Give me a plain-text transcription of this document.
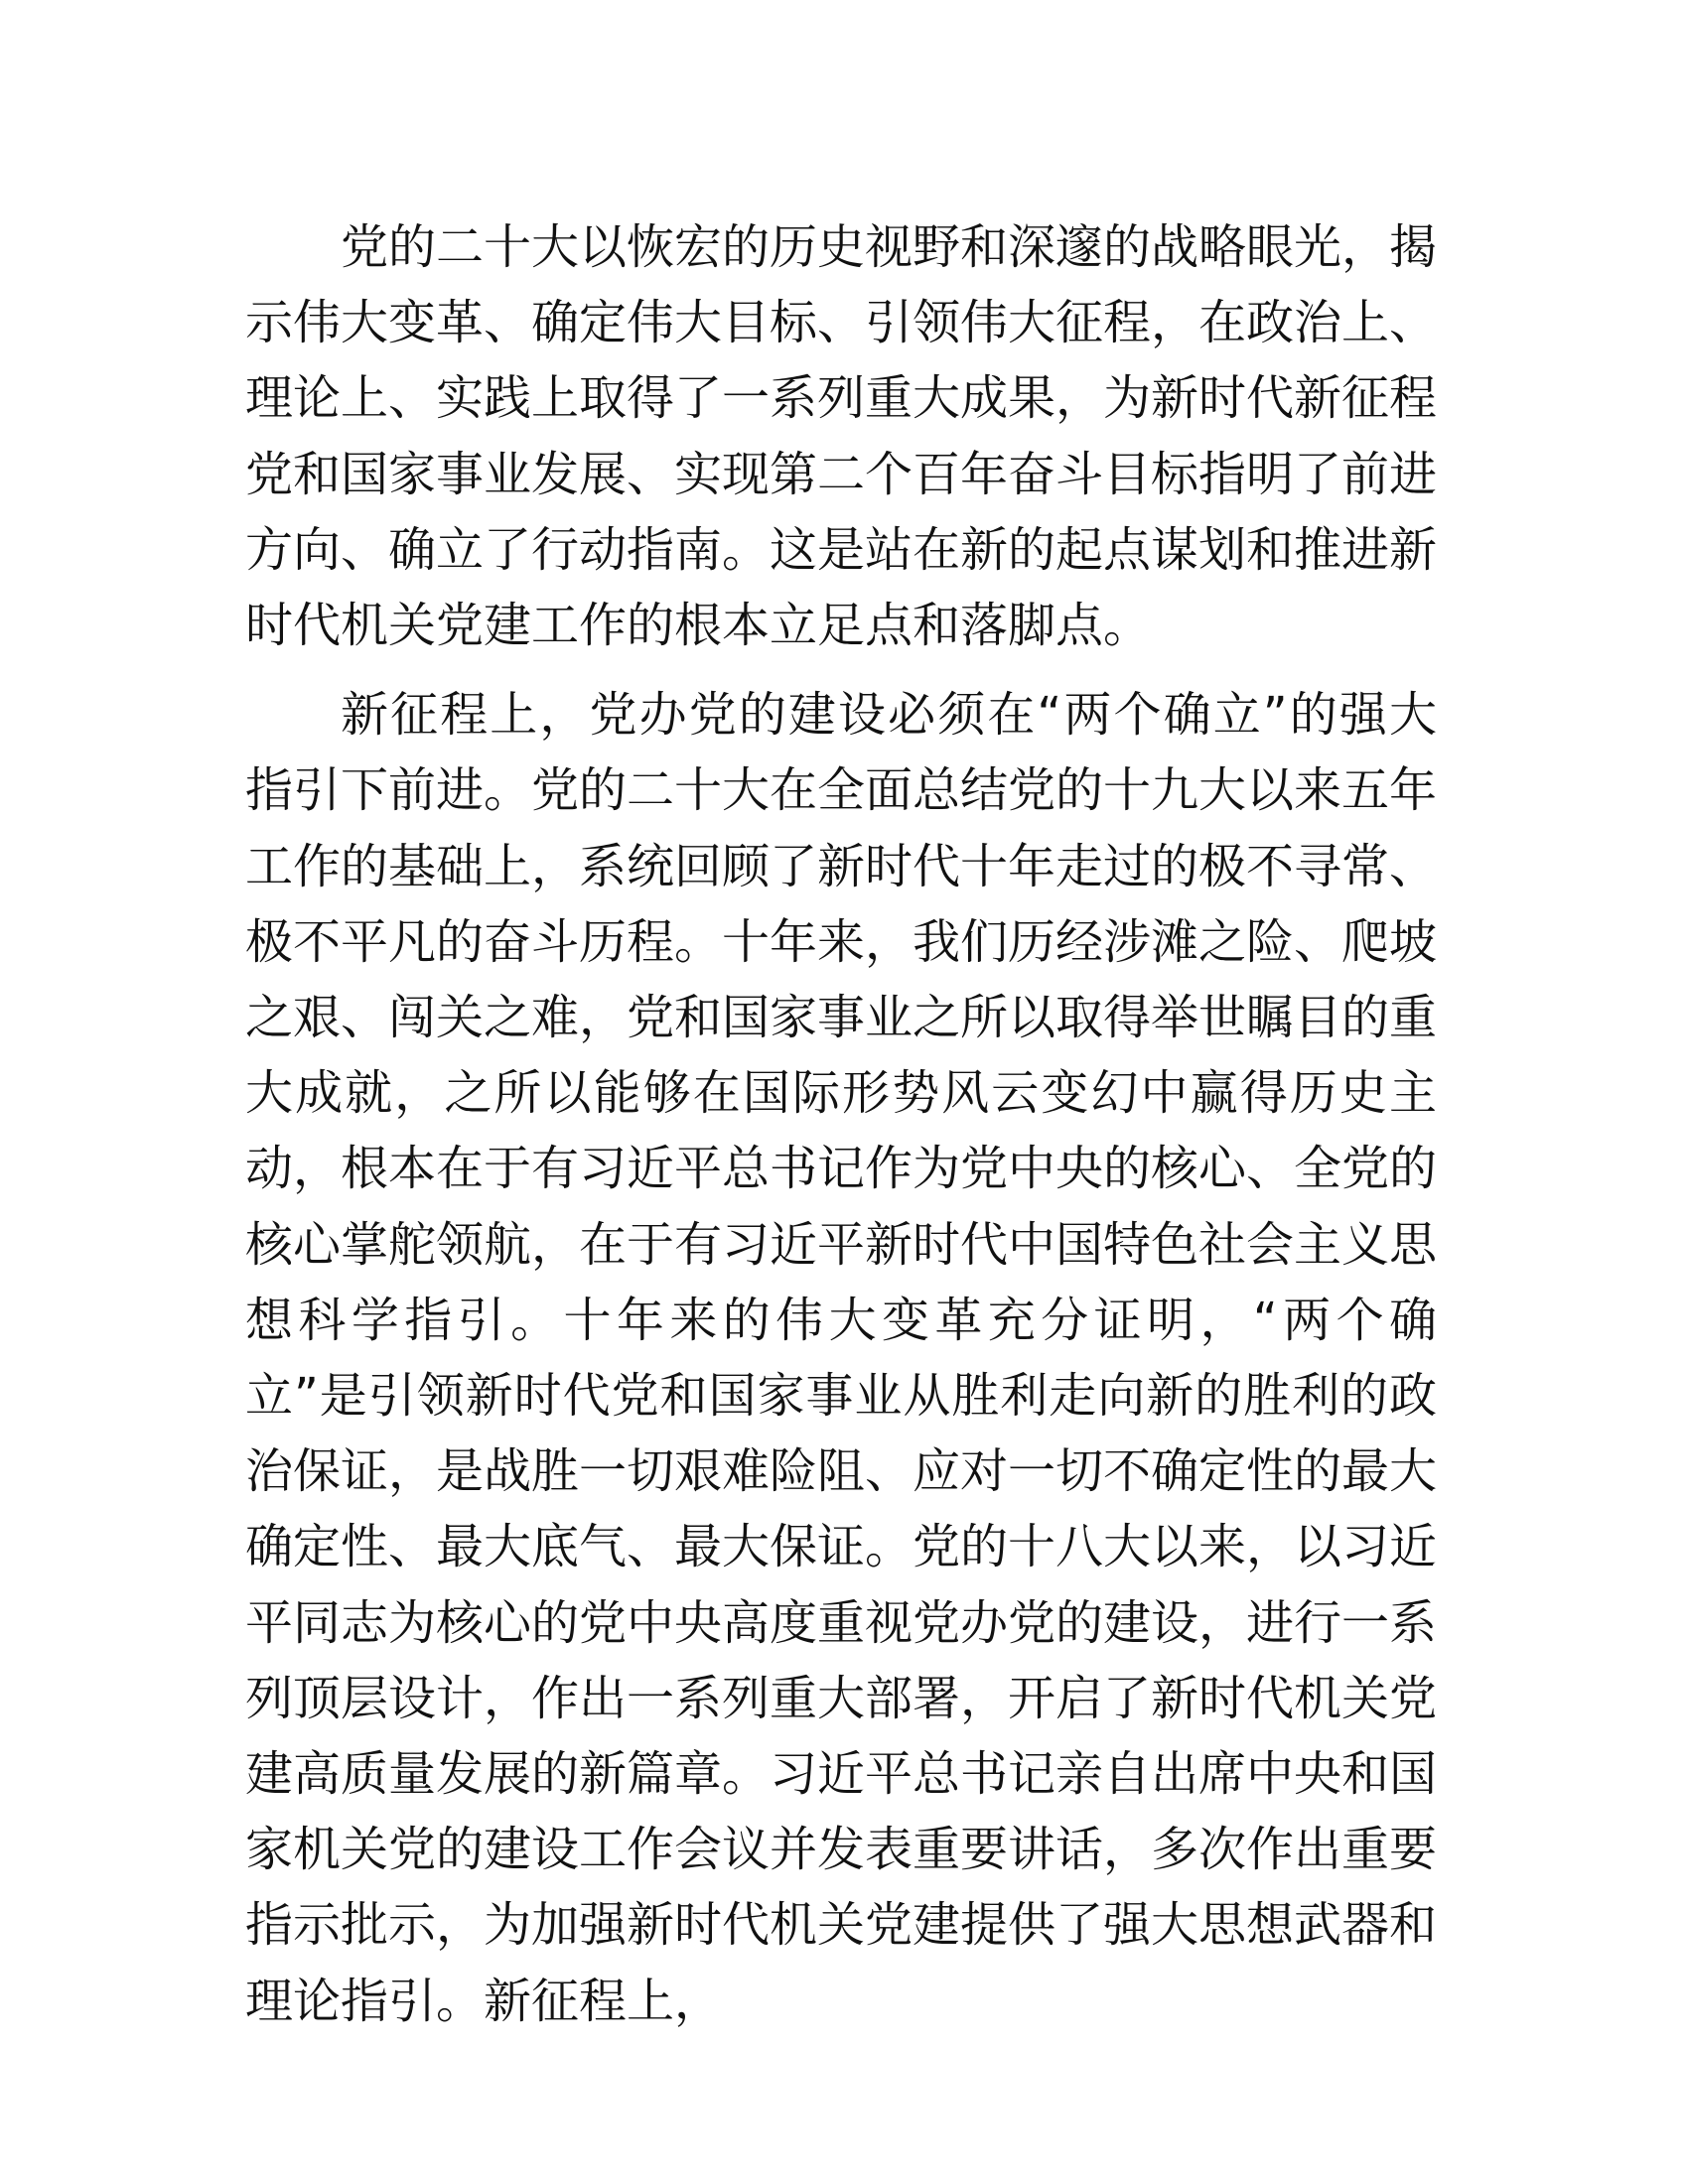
党的二十大以恢宏的历史视野和深邃的战略眼光，揭示伟大变革、确定伟大目标、引领伟大征程，在政治上、理论上、实践上取得了一系列重大成果，为新时代新征程党和国家事业发展、实现第二个百年奋斗目标指明了前进方向、确立了行动指南。这是站在新的起点谋划和推进新时代机关党建工作的根本立足点和落脚点。

新征程上，党办党的建设必须在“两个确立”的强大指引下前进。党的二十大在全面总结党的十九大以来五年工作的基础上，系统回顾了新时代十年走过的极不寻常、极不平凡的奋斗历程。十年来，我们历经涉滩之险、爬坡之艰、闯关之难，党和国家事业之所以取得举世瞩目的重大成就，之所以能够在国际形势风云变幻中赢得历史主动，根本在于有习近平总书记作为党中央的核心、全党的核心掌舵领航，在于有习近平新时代中国特色社会主义思想科学指引。十年来的伟大变革充分证明，“两个确立”是引领新时代党和国家事业从胜利走向新的胜利的政治保证，是战胜一切艰难险阻、应对一切不确定性的最大确定性、最大底气、最大保证。党的十八大以来，以习近平同志为核心的党中央高度重视党办党的建设，进行一系列顶层设计，作出一系列重大部署，开启了新时代机关党建高质量发展的新篇章。习近平总书记亲自出席中央和国家机关党的建设工作会议并发表重要讲话，多次作出重要指示批示，为加强新时代机关党建提供了强大思想武器和理论指引。新征程上，
